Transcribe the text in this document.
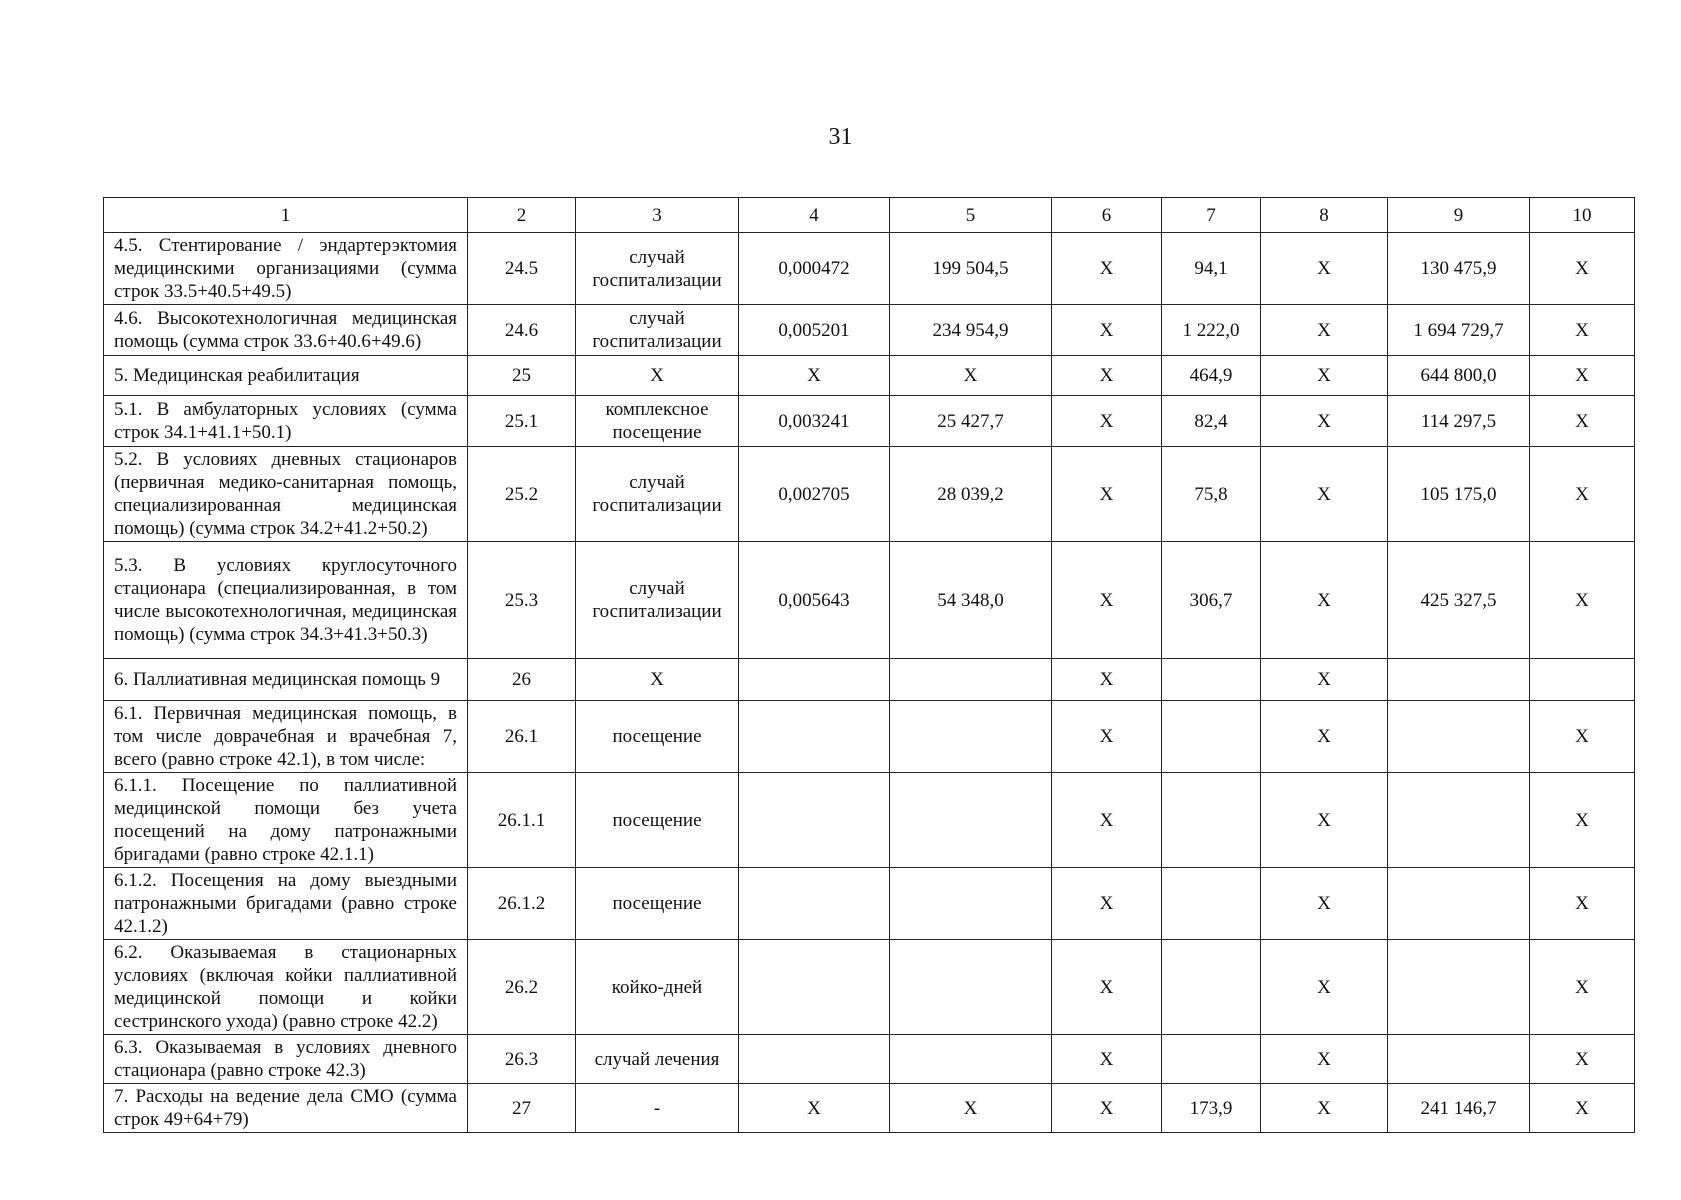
31
1	2	3	4	5	6	7	8	9	10
4.5. Стентирование / эндартерэктомия медицинскими организациями (сумма строк 33.5+40.5+49.5)	24.5	случай госпитализации	0,000472	199 504,5	Х	94,1	Х	130 475,9	Х
4.6. Высокотехнологичная медицинская помощь (сумма строк 33.6+40.6+49.6)	24.6	случай госпитализации	0,005201	234 954,9	Х	1 222,0	Х	1 694 729,7	Х
5. Медицинская реабилитация	25	Х	Х	Х	Х	464,9	Х	644 800,0	Х
5.1. В амбулаторных условиях (сумма строк 34.1+41.1+50.1)	25.1	комплексное посещение	0,003241	25 427,7	Х	82,4	Х	114 297,5	Х
5.2. В условиях дневных стационаров (первичная медико-санитарная помощь, специализированная медицинская помощь) (сумма строк 34.2+41.2+50.2)	25.2	случай госпитализации	0,002705	28 039,2	Х	75,8	Х	105 175,0	Х
5.3. В условиях круглосуточного стационара (специализированная, в том числе высокотехнологичная, медицинская помощь) (сумма строк 34.3+41.3+50.3)	25.3	случай госпитализации	0,005643	54 348,0	Х	306,7	Х	425 327,5	Х
6. Паллиативная медицинская помощь 9	26	Х			Х		Х		
6.1. Первичная медицинская помощь, в том числе доврачебная и врачебная 7, всего (равно строке 42.1), в том числе:	26.1	посещение			Х		Х		Х
6.1.1. Посещение по паллиативной медицинской помощи без учета посещений на дому патронажными бригадами (равно строке 42.1.1)	26.1.1	посещение			Х		Х		Х
6.1.2. Посещения на дому выездными патронажными бригадами (равно строке 42.1.2)	26.1.2	посещение			Х		Х		Х
6.2. Оказываемая в стационарных условиях (включая койки паллиативной медицинской помощи и койки сестринского ухода) (равно строке 42.2)	26.2	койко-дней			Х		Х		Х
6.3. Оказываемая в условиях дневного стационара (равно строке 42.3)	26.3	случай лечения			Х		Х		Х
7. Расходы на ведение дела СМО (сумма строк 49+64+79)	27	-	Х	Х	Х	173,9	Х	241 146,7	Х
